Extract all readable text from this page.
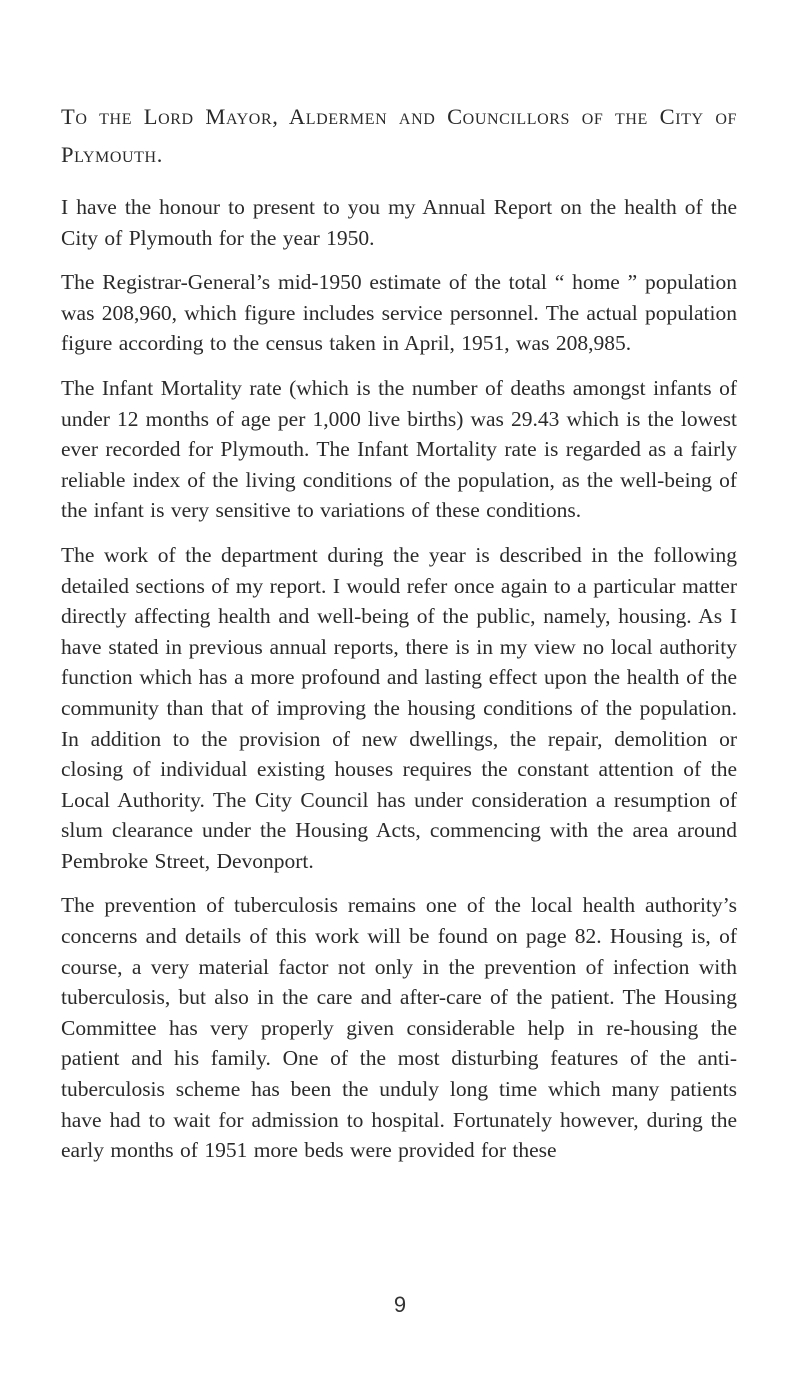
To the Lord Mayor, Aldermen and Councillors of the City of Plymouth.

I have the honour to present to you my Annual Report on the health of the City of Plymouth for the year 1950.

The Registrar-General’s mid-1950 estimate of the total “ home ” population was 208,960, which figure includes service personnel. The actual population figure according to the census taken in April, 1951, was 208,985.

The Infant Mortality rate (which is the number of deaths amongst infants of under 12 months of age per 1,000 live births) was 29.43 which is the lowest ever recorded for Plymouth. The Infant Mortality rate is regarded as a fairly reliable index of the living conditions of the population, as the well-being of the infant is very sensitive to variations of these conditions.

The work of the department during the year is described in the following detailed sections of my report. I would refer once again to a particular matter directly affecting health and well-being of the public, namely, housing. As I have stated in previous annual reports, there is in my view no local authority function which has a more profound and lasting effect upon the health of the community than that of improving the housing conditions of the population. In addition to the provision of new dwellings, the repair, demolition or closing of individual existing houses requires the constant attention of the Local Authority. The City Council has under consideration a resumption of slum clearance under the Housing Acts, commencing with the area around Pembroke Street, Devonport.

The prevention of tuberculosis remains one of the local health authority’s concerns and details of this work will be found on page 82. Housing is, of course, a very material factor not only in the prevention of infection with tuberculosis, but also in the care and after-care of the patient. The Housing Committee has very properly given considerable help in re-housing the patient and his family. One of the most disturbing features of the anti-tuberculosis scheme has been the unduly long time which many patients have had to wait for admission to hospital. Fortunately however, during the early months of 1951 more beds were provided for these

9
